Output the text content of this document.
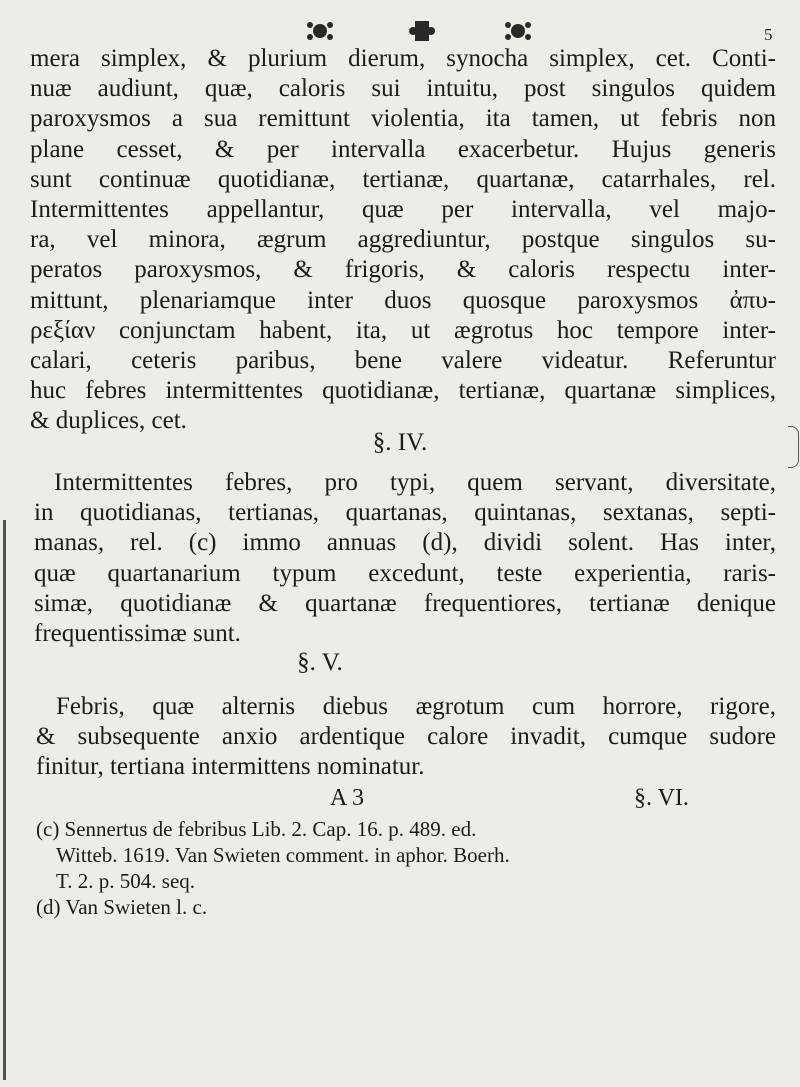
5
mera simplex, & plurium dierum, synocha simplex, cet. Conti-
nuæ audiunt, quæ, caloris sui intuitu, post singulos quidem
paroxysmos a sua remittunt violentia, ita tamen, ut febris non
plane cesset, & per intervalla exacerbetur. Hujus generis
sunt continuæ quotidianæ, tertianæ, quartanæ, catarrhales, rel.
Intermittentes appellantur, quæ per intervalla, vel majo-
ra, vel minora, ægrum aggrediuntur, postque singulos su-
peratos paroxysmos, & frigoris, & caloris respectu inter-
mittunt, plenariamque inter duos quosque paroxysmos ἀπυ-
ρεξίαν conjunctam habent, ita, ut ægrotus hoc tempore inter-
calari, ceteris paribus, bene valere videatur. Referuntur
huc febres intermittentes quotidianæ, tertianæ, quartanæ simplices,
& duplices, cet.
§. IV.
Intermittentes febres, pro typi, quem servant, diversitate,
in quotidianas, tertianas, quartanas, quintanas, sextanas, septi-
manas, rel. (c) immo annuas (d), dividi solent. Has inter,
quæ quartanarium typum excedunt, teste experientia, raris-
simæ, quotidianæ & quartanæ frequentiores, tertianæ denique
frequentissimæ sunt.
Febris, quæ alternis diebus ægrotum cum horrore, rigore,
& subsequente anxio ardentique calore invadit, cumque sudore
finitur, tertiana intermittens nominatur.
§. V.
A 3	§. VI.
(c) Sennertus de febribus Lib. 2. Cap. 16. p. 489. ed.
Witteb. 1619. Van Swieten comment. in aphor. Boerh.
T. 2. p. 504. seq.
(d) Van Swieten l. c.
